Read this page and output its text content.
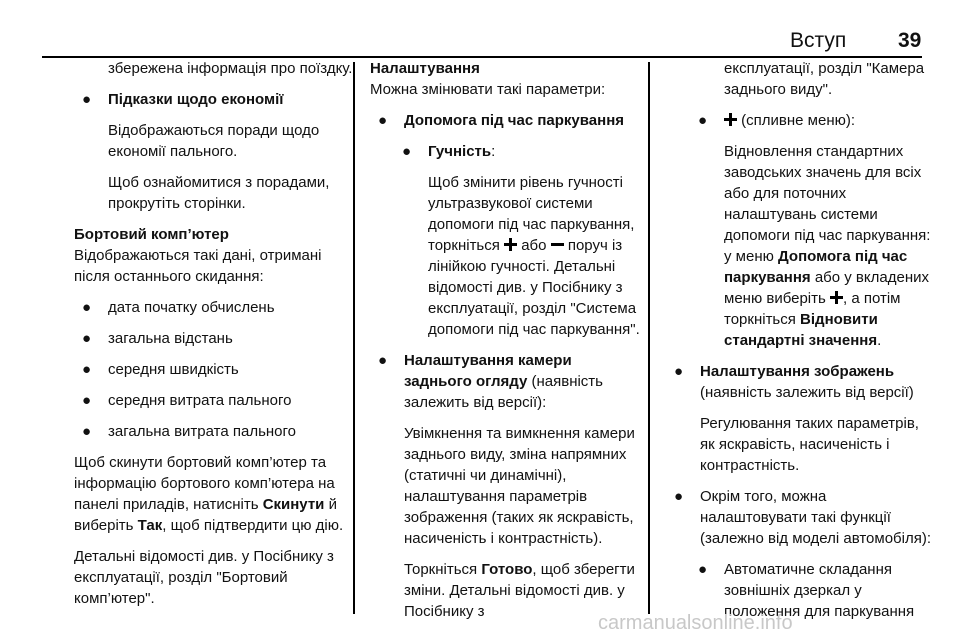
Вступ 39

збережена інформація про поїздку.

● Підказки щодо економії

Відображаються поради щодо економії пального.

Щоб ознайомитися з порадами, прокрутіть сторінки.

Бортовий комп’ютер

Відображаються такі дані, отримані після останнього скидання:

● дата початку обчислень
● загальна відстань
● середня швидкість
● середня витрата пального
● загальна витрата пального

Щоб скинути бортовий комп’ютер та інформацію бортового комп’ютера на панелі приладів, натисніть Скинути й виберіть Так, щоб підтвердити цю дію.

Детальні відомості див. у Посібнику з експлуатації, розділ "Бортовий комп’ютер".

Налаштування

Можна змінювати такі параметри:

● Допомога під час паркування
● Гучність:

Щоб змінити рівень гучності ультразвукової системи допомоги під час паркування, торкніться  або  поруч із лінійкою гучності. Детальні відомості див. у Посібнику з експлуатації, розділ "Система допомоги під час паркування".

● Налаштування камери заднього огляду (наявність залежить від версії):

Увімкнення та вимкнення камери заднього виду, зміна напрямних (статичні чи динамічні), налаштування параметрів зображення (таких як яскравість, насиченість і контрастність).

Торкніться Готово, щоб зберегти зміни. Детальні відомості див. у Посібнику з

експлуатації, розділ "Камера заднього виду".

● (спливне меню):

Відновлення стандартних заводських значень для всіх або для поточних налаштувань системи допомоги під час паркування: у меню Допомога під час паркування або у вкладених меню виберіть , а потім торкніться Відновити стандартні значення.

● Налаштування зображень (наявність залежить від версії)

Регулювання таких параметрів, як яскравість, насиченість і контрастність.

● Окрім того, можна налаштовувати такі функції (залежно від моделі автомобіля):
● Автоматичне складання зовнішніх дзеркал у положення для паркування
carmanualsonline.info
